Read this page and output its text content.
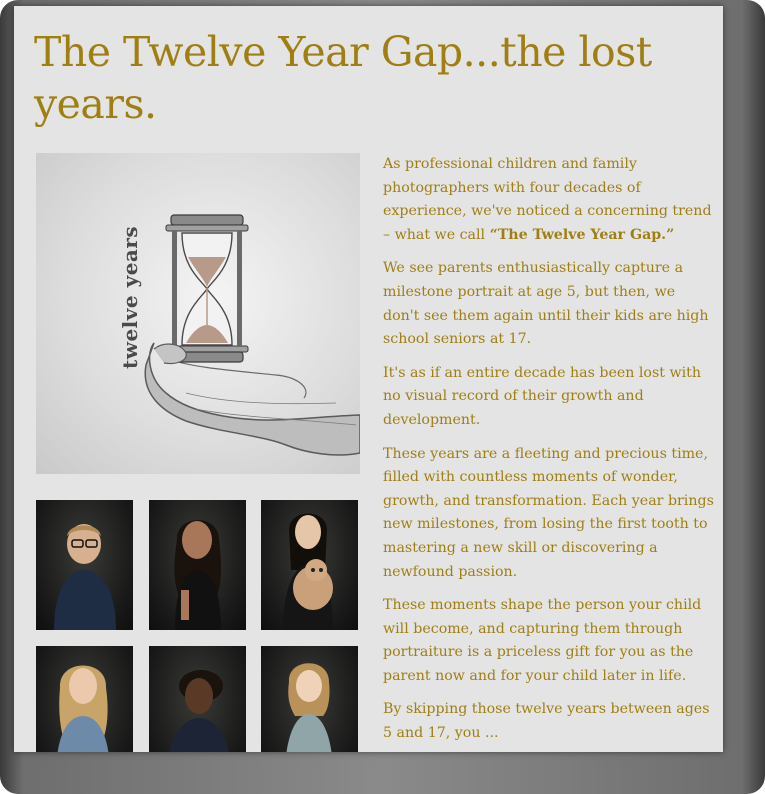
The Twelve Year Gap...the lost years.
twelve years

As professional children and family photographers with four decades of experience, we've noticed a concerning trend – what we call “The Twelve Year Gap.”

We see parents enthusiastically capture a milestone portrait at age 5, but then, we don't see them again until their kids are high school seniors at 17.

It's as if an entire decade has been lost with no visual record of their growth and development.

These years are a fleeting and precious time, filled with countless moments of wonder, growth, and transformation. Each year brings new milestones, from losing the first tooth to mastering a new skill or discovering a newfound passion.

These moments shape the person your child will become, and capturing them through portraiture is a priceless gift for you as the parent now and for your child later in life.

By skipping those twelve years between ages 5 and 17, you ...
